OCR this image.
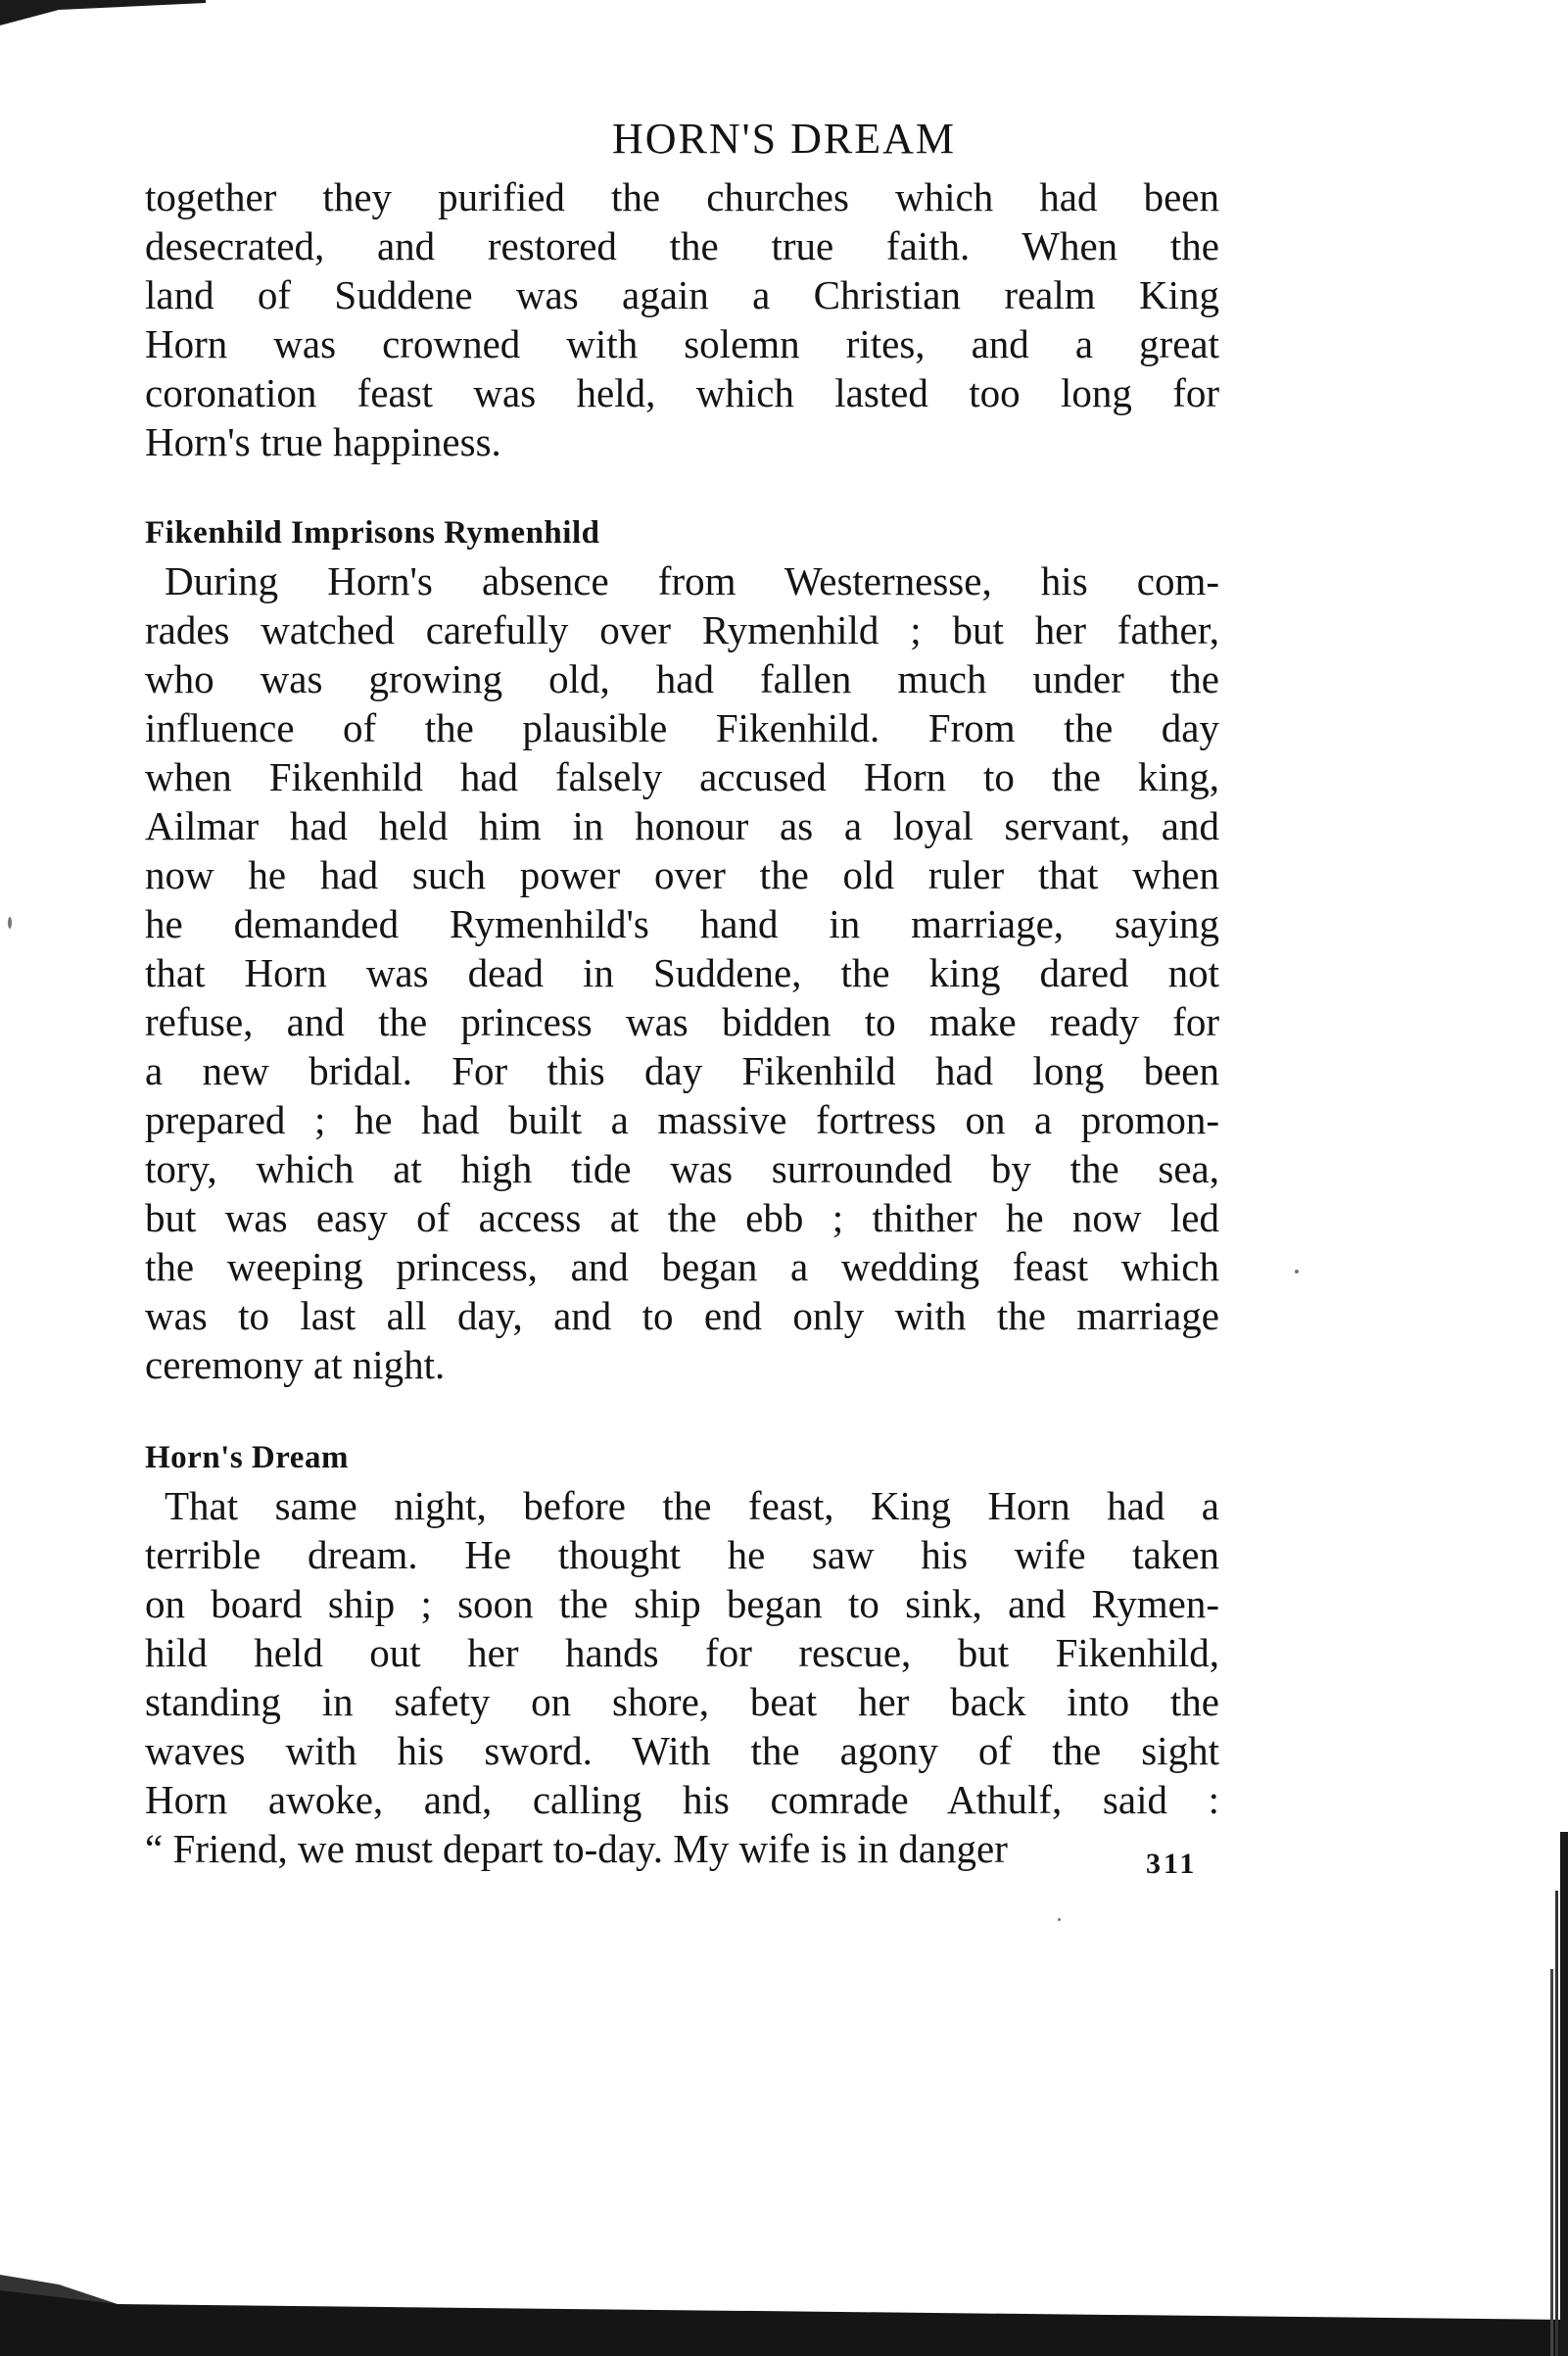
HORN'S DREAM

together they purified the churches which had been
desecrated, and restored the true faith. When the
land of Suddene was again a Christian realm King
Horn was crowned with solemn rites, and a great
coronation feast was held, which lasted too long for
Horn's true happiness.

Fikenhild Imprisons Rymenhild

During Horn's absence from Westernesse, his com-
rades watched carefully over Rymenhild ; but her father,
who was growing old, had fallen much under the
influence of the plausible Fikenhild. From the day
when Fikenhild had falsely accused Horn to the king,
Ailmar had held him in honour as a loyal servant, and
now he had such power over the old ruler that when
he demanded Rymenhild's hand in marriage, saying
that Horn was dead in Suddene, the king dared not
refuse, and the princess was bidden to make ready for
a new bridal. For this day Fikenhild had long been
prepared ; he had built a massive fortress on a promon-
tory, which at high tide was surrounded by the sea,
but was easy of access at the ebb ; thither he now led
the weeping princess, and began a wedding feast which
was to last all day, and to end only with the marriage
ceremony at night.

Horn's Dream

That same night, before the feast, King Horn had a
terrible dream. He thought he saw his wife taken
on board ship ; soon the ship began to sink, and Rymen-
hild held out her hands for rescue, but Fikenhild,
standing in safety on shore, beat her back into the
waves with his sword. With the agony of the sight
Horn awoke, and, calling his comrade Athulf, said :
“ Friend, we must depart to-day. My wife is in danger	311
